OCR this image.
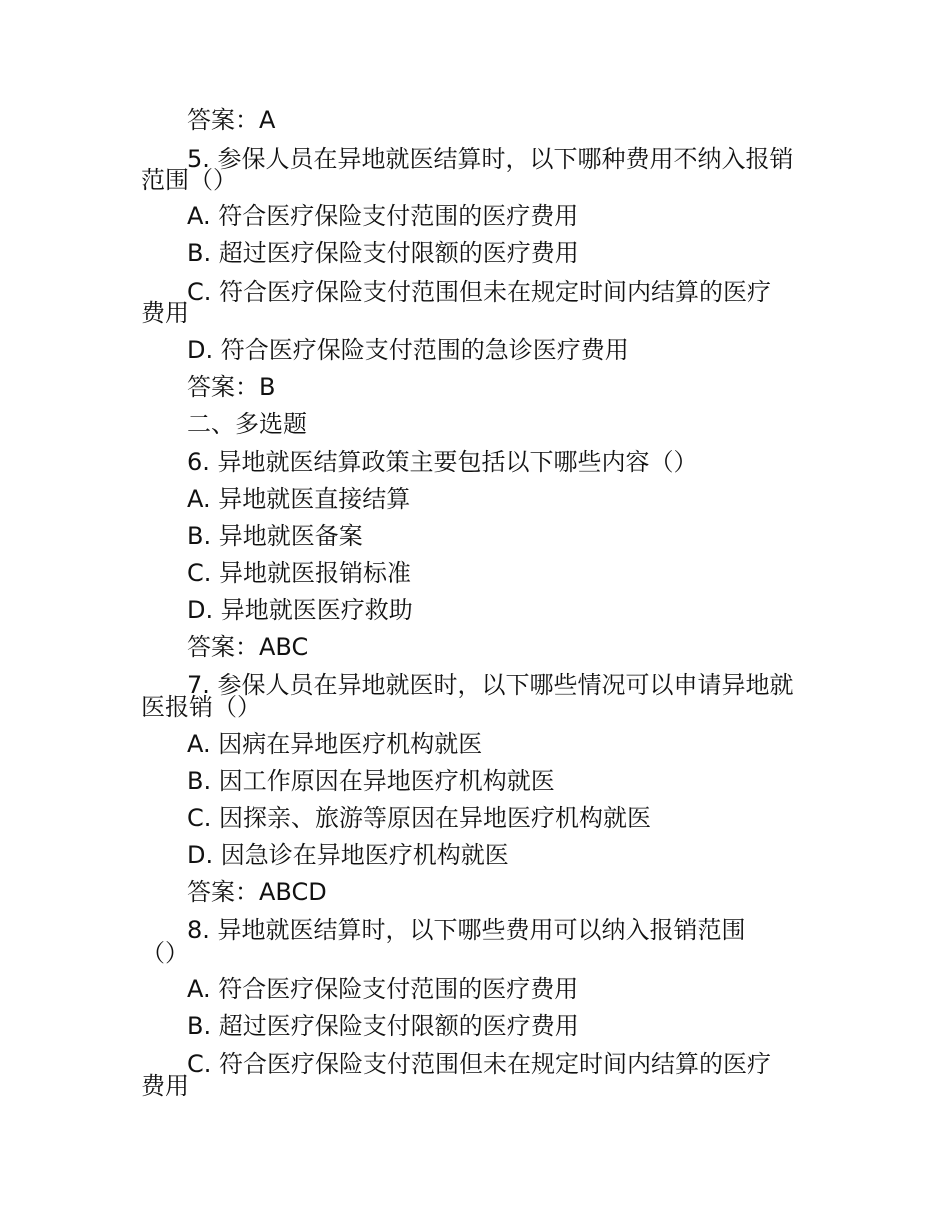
答案：A
5. 参保人员在异地就医结算时，以下哪种费用不纳入报销
范围（）
A. 符合医疗保险支付范围的医疗费用
B. 超过医疗保险支付限额的医疗费用
C. 符合医疗保险支付范围但未在规定时间内结算的医疗
费用
D. 符合医疗保险支付范围的急诊医疗费用
答案：B
二、多选题
6. 异地就医结算政策主要包括以下哪些内容（）
A. 异地就医直接结算
B. 异地就医备案
C. 异地就医报销标准
D. 异地就医医疗救助
答案：ABC
7. 参保人员在异地就医时，以下哪些情况可以申请异地就
医报销（）
A. 因病在异地医疗机构就医
B. 因工作原因在异地医疗机构就医
C. 因探亲、旅游等原因在异地医疗机构就医
D. 因急诊在异地医疗机构就医
答案：ABCD
8. 异地就医结算时，以下哪些费用可以纳入报销范围
（）
A. 符合医疗保险支付范围的医疗费用
B. 超过医疗保险支付限额的医疗费用
C. 符合医疗保险支付范围但未在规定时间内结算的医疗
费用
